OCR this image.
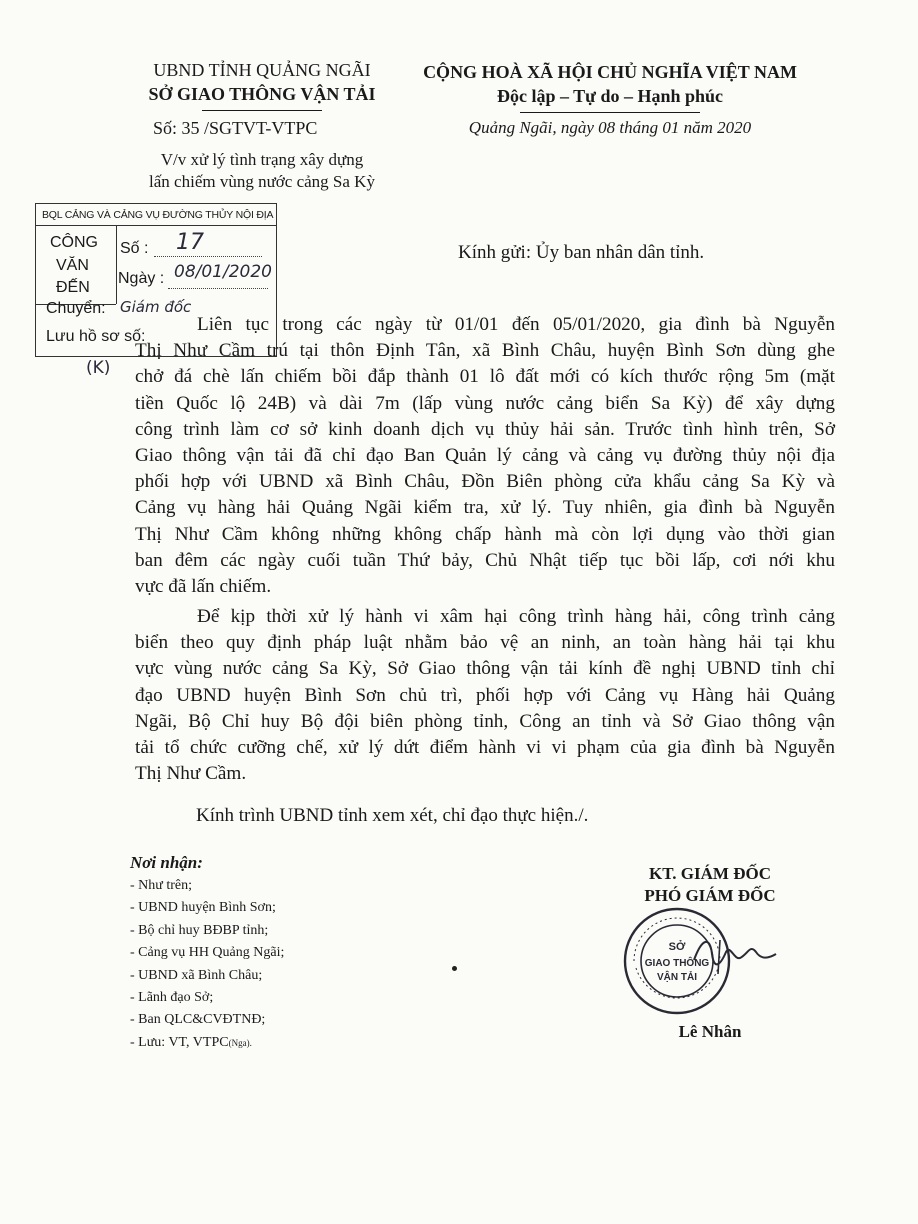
UBND TỈNH QUẢNG NGÃI
SỞ GIAO THÔNG VẬN TẢI
Số: 35 /SGTVT-VTPC
V/v xử lý tình trạng xây dựng
lấn chiếm vùng nước cảng Sa Kỳ
CỘNG HOÀ XÃ HỘI CHỦ NGHĨA VIỆT NAM
Độc lập – Tự do – Hạnh phúc
Quảng Ngãi, ngày 08 tháng 01 năm 2020
BQL CẢNG VÀ CẢNG VỤ ĐƯỜNG THỦY NỘI ĐỊA
CÔNG
VĂN
ĐẾN
Số : 17
Ngày : 08/01/2020
Chuyển: Giám đốc
Lưu hồ sơ số:
(K)
Kính gửi: Ủy ban nhân dân tỉnh.
Liên tục trong các ngày từ 01/01 đến 05/01/2020, gia đình bà Nguyễn
Thị Như Cầm trú tại thôn Định Tân, xã Bình Châu, huyện Bình Sơn dùng ghe
chở đá chè lấn chiếm bồi đắp thành 01 lô đất mới có kích thước rộng 5m (mặt
tiền Quốc lộ 24B) và dài 7m (lấp vùng nước cảng biển Sa Kỳ) để xây dựng
công trình làm cơ sở kinh doanh dịch vụ thủy hải sản. Trước tình hình trên, Sở
Giao thông vận tải đã chỉ đạo Ban Quản lý cảng và cảng vụ đường thủy nội địa
phối hợp với UBND xã Bình Châu, Đồn Biên phòng cửa khẩu cảng Sa Kỳ và
Cảng vụ hàng hải Quảng Ngãi kiểm tra, xử lý. Tuy nhiên, gia đình bà Nguyễn
Thị Như Cầm không những không chấp hành mà còn lợi dụng vào thời gian
ban đêm các ngày cuối tuần Thứ bảy, Chủ Nhật tiếp tục bồi lấp, cơi nới khu
vực đã lấn chiếm.
Để kịp thời xử lý hành vi xâm hại công trình hàng hải, công trình cảng
biển theo quy định pháp luật nhằm bảo vệ an ninh, an toàn hàng hải tại khu
vực vùng nước cảng Sa Kỳ, Sở Giao thông vận tải kính đề nghị UBND tỉnh chỉ
đạo UBND huyện Bình Sơn chủ trì, phối hợp với Cảng vụ Hàng hải Quảng
Ngãi, Bộ Chỉ huy Bộ đội biên phòng tỉnh, Công an tỉnh và Sở Giao thông vận
tải tổ chức cưỡng chế, xử lý dứt điểm hành vi vi phạm của gia đình bà Nguyễn
Thị Như Cầm.
Kính trình UBND tỉnh xem xét, chỉ đạo thực hiện./.
Nơi nhận:
- Như trên;
- UBND huyện Bình Sơn;
- Bộ chỉ huy BĐBP tỉnh;
- Cảng vụ HH Quảng Ngãi;
- UBND xã Bình Châu;
- Lãnh đạo Sở;
- Ban QLC&CVĐTNĐ;
- Lưu: VT, VTPC(Nga).
KT. GIÁM ĐỐC
PHÓ GIÁM ĐỐC
SỞ
GIAO THÔNG
VẬN TẢI
Lê Nhân
